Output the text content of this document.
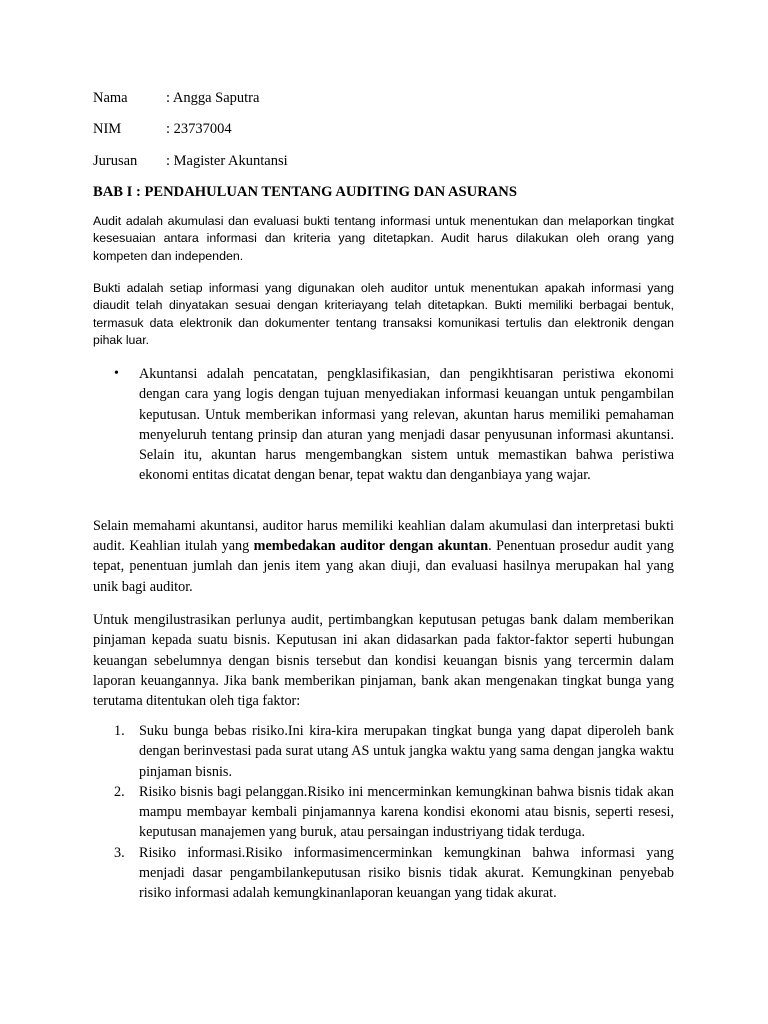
Nama	: Angga Saputra
NIM	: 23737004
Jurusan : Magister Akuntansi
BAB I : PENDAHULUAN TENTANG AUDITING DAN ASURANS

Audit adalah akumulasi dan evaluasi bukti tentang informasi untuk menentukan dan melaporkan tingkat kesesuaian antara informasi dan kriteria yang ditetapkan. Audit harus dilakukan oleh orang yang kompeten dan independen.

Bukti adalah setiap informasi yang digunakan oleh auditor untuk menentukan apakah informasi yang diaudit telah dinyatakan sesuai dengan kriteriayang telah ditetapkan. Bukti memiliki berbagai bentuk, termasuk data elektronik dan dokumenter tentang transaksi komunikasi tertulis dan elektronik dengan pihak luar.

• Akuntansi adalah pencatatan, pengklasifikasian, dan pengikhtisaran peristiwa ekonomi dengan cara yang logis dengan tujuan menyediakan informasi keuangan untuk pengambilan keputusan. Untuk memberikan informasi yang relevan, akuntan harus memiliki pemahaman menyeluruh tentang prinsip dan aturan yang menjadi dasar penyusunan informasi akuntansi. Selain itu, akuntan harus mengembangkan sistem untuk memastikan bahwa peristiwa ekonomi entitas dicatat dengan benar, tepat waktu dan denganbiaya yang wajar.

Selain memahami akuntansi, auditor harus memiliki keahlian dalam akumulasi dan interpretasi bukti audit. Keahlian itulah yang membedakan auditor dengan akuntan. Penentuan prosedur audit yang tepat, penentuan jumlah dan jenis item yang akan diuji, dan evaluasi hasilnya merupakan hal yang unik bagi auditor.

Untuk mengilustrasikan perlunya audit, pertimbangkan keputusan petugas bank dalam memberikan pinjaman kepada suatu bisnis. Keputusan ini akan didasarkan pada faktor-faktor seperti hubungan keuangan sebelumnya dengan bisnis tersebut dan kondisi keuangan bisnis yang tercermin dalam laporan keuangannya. Jika bank memberikan pinjaman, bank akan mengenakan tingkat bunga yang terutama ditentukan oleh tiga faktor:

1. Suku bunga bebas risiko.Ini kira-kira merupakan tingkat bunga yang dapat diperoleh bank dengan berinvestasi pada surat utang AS untuk jangka waktu yang sama dengan jangka waktu pinjaman bisnis.

2. Risiko bisnis bagi pelanggan.Risiko ini mencerminkan kemungkinan bahwa bisnis tidak akan mampu membayar kembali pinjamannya karena kondisi ekonomi atau bisnis, seperti resesi, keputusan manajemen yang buruk, atau persaingan industriyang tidak terduga.

3. Risiko informasi.Risiko informasimencerminkan kemungkinan bahwa informasi yang menjadi dasar pengambilankeputusan risiko bisnis tidak akurat. Kemungkinan penyebab risiko informasi adalah kemungkinanlaporan keuangan yang tidak akurat.
